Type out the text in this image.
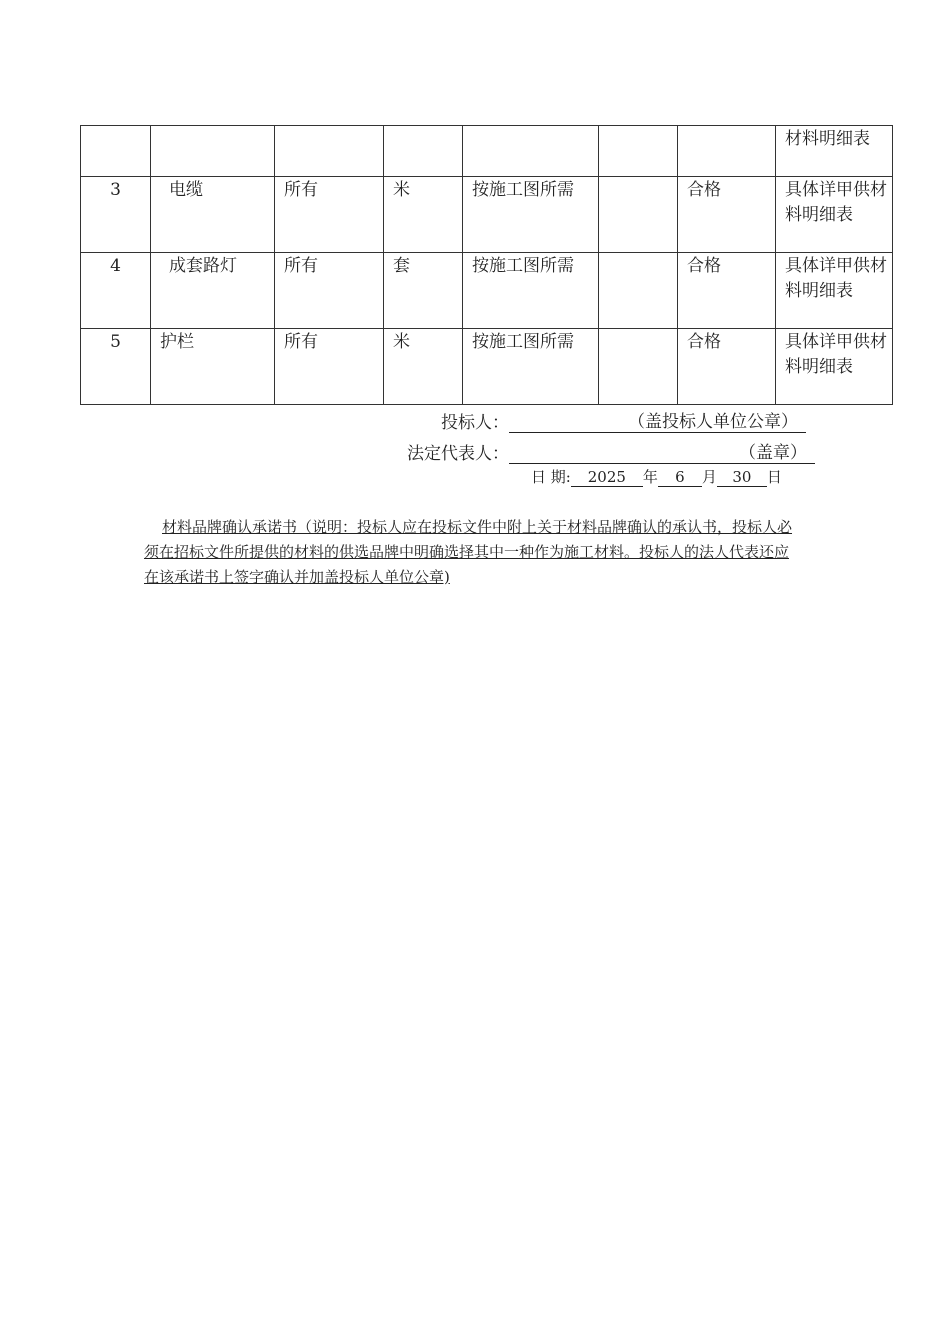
							材料明细表
3	电缆	所有	米	按施工图所需		合格	具体详甲供材料明细表
4	成套路灯	所有	套	按施工图所需		合格	具体详甲供材料明细表
5	护栏	所有	米	按施工图所需		合格	具体详甲供材料明细表
投标人：	（盖投标人单位公章）
法定代表人：	（盖章）
日 期: 2025 年 6 月 30 日
材料品牌确认承诺书（说明：投标人应在投标文件中附上关于材料品牌确认的承认书，投标人必须在招标文件所提供的材料的供选品牌中明确选择其中一种作为施工材料。投标人的法人代表还应在该承诺书上签字确认并加盖投标人单位公章)
